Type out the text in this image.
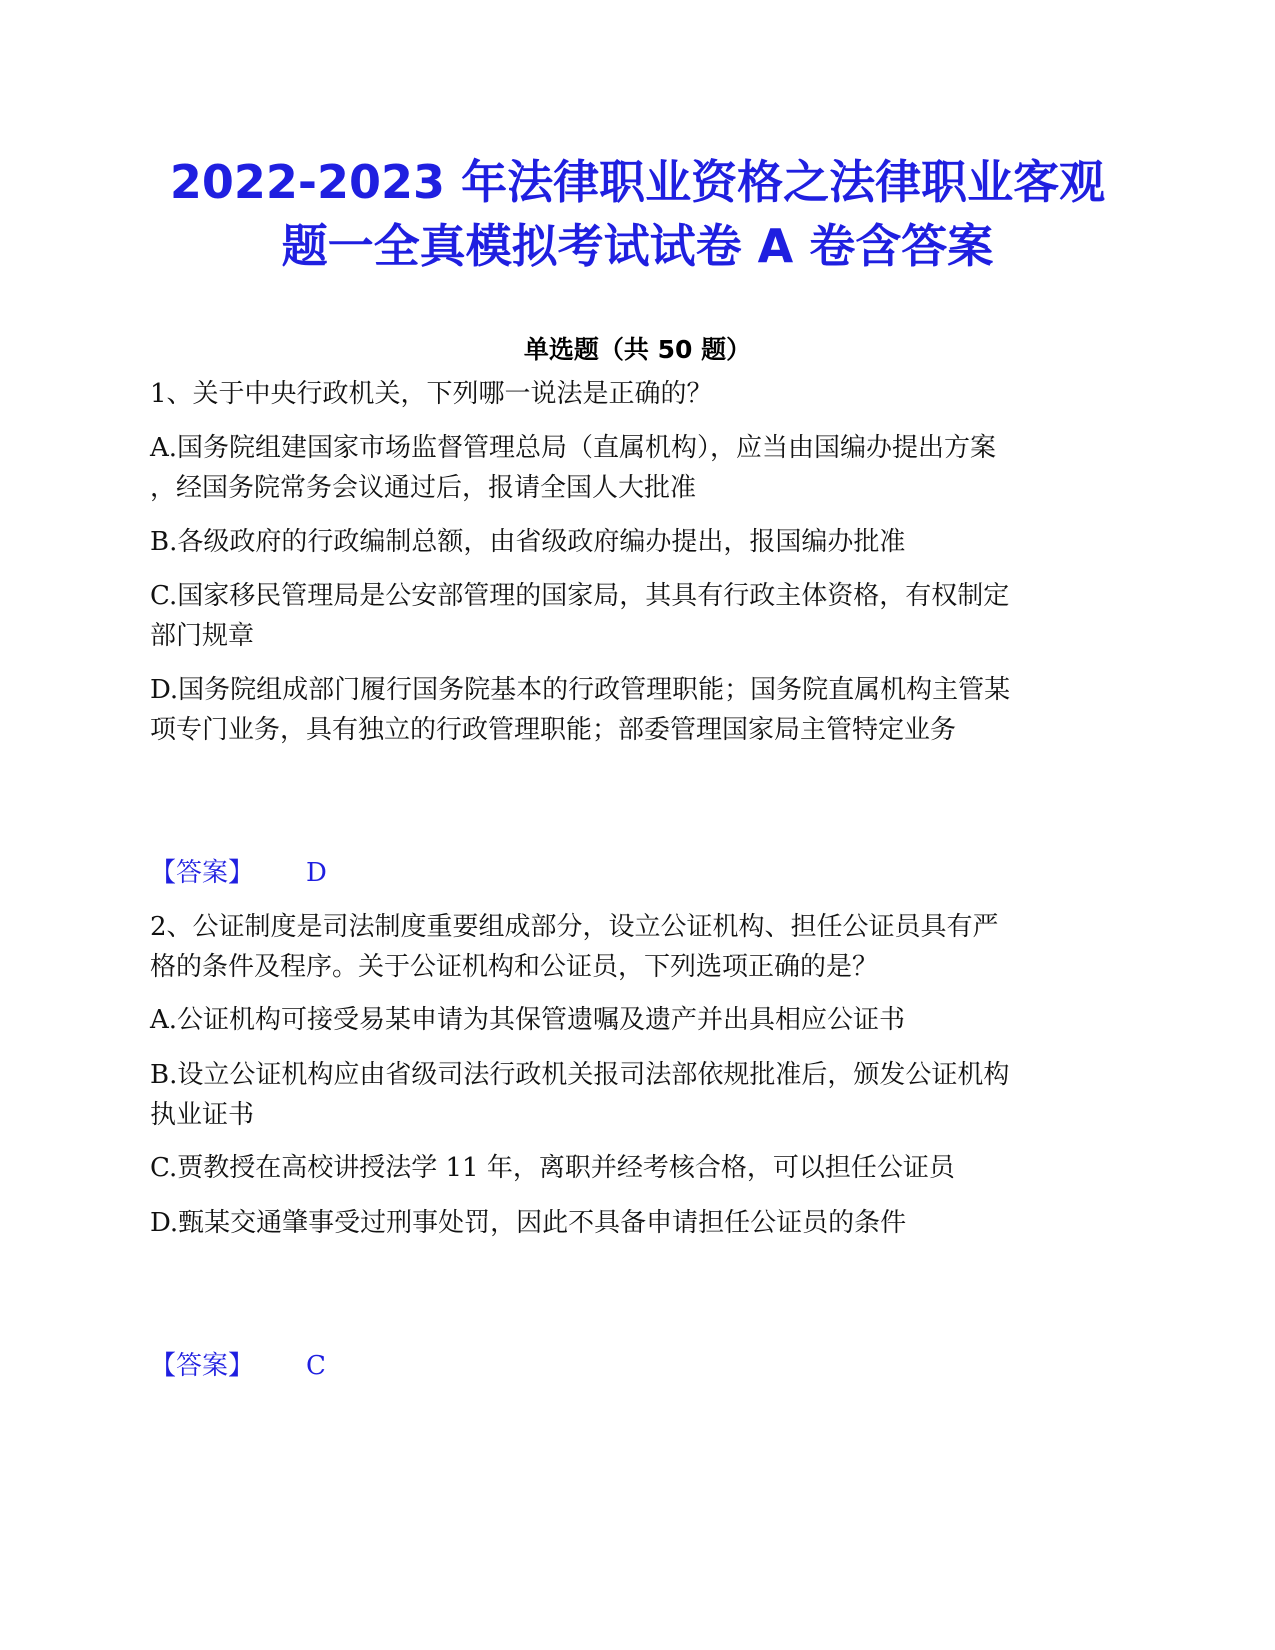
2022-2023 年法律职业资格之法律职业客观
题一全真模拟考试试卷 A 卷含答案
单选题（共 50 题）
1、关于中央行政机关，下列哪一说法是正确的？
A.国务院组建国家市场监督管理总局（直属机构），应当由国编办提出方案
，经国务院常务会议通过后，报请全国人大批准
B.各级政府的行政编制总额，由省级政府编办提出，报国编办批准
C.国家移民管理局是公安部管理的国家局，其具有行政主体资格，有权制定
部门规章
D.国务院组成部门履行国务院基本的行政管理职能；国务院直属机构主管某
项专门业务，具有独立的行政管理职能；部委管理国家局主管特定业务
【答案】 D
2、公证制度是司法制度重要组成部分，设立公证机构、担任公证员具有严
格的条件及程序。关于公证机构和公证员，下列选项正确的是？
A.公证机构可接受易某申请为其保管遗嘱及遗产并出具相应公证书
B.设立公证机构应由省级司法行政机关报司法部依规批准后，颁发公证机构
执业证书
C.贾教授在高校讲授法学 11 年，离职并经考核合格，可以担任公证员
D.甄某交通肇事受过刑事处罚，因此不具备申请担任公证员的条件
【答案】 C
